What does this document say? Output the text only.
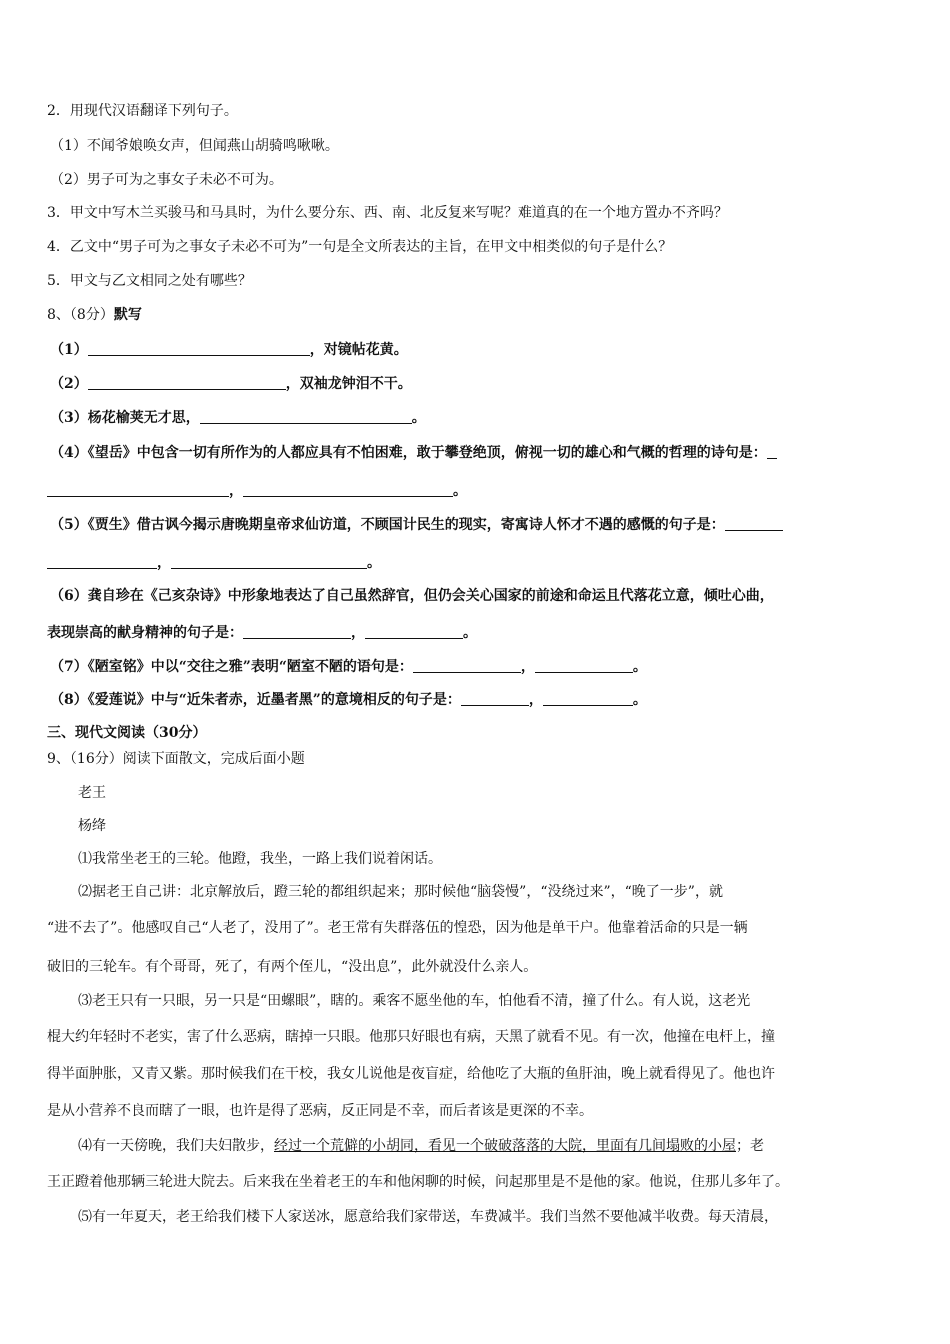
2．用现代汉语翻译下列句子。
（1）不闻爷娘唤女声，但闻燕山胡骑鸣啾啾。
（2）男子可为之事女子未必不可为。
3．甲文中写木兰买骏马和马具时，为什么要分东、西、南、北反复来写呢？难道真的在一个地方置办不齐吗？
4．乙文中“男子可为之事女子未必不可为”一句是全文所表达的主旨，在甲文中相类似的句子是什么？
5．甲文与乙文相同之处有哪些？
8、（8分）默写
（1）	，对镜帖花黄。
（2）	，双袖龙钟泪不干。
（3）杨花榆荚无才思，	。
（4）《望岳》中包含一切有所作为的人都应具有不怕困难，敢于攀登绝顶，俯视一切的雄心和气概的哲理的诗句是：
，	。
（5）《贾生》借古讽今揭示唐晚期皇帝求仙访道，不顾国计民生的现实，寄寓诗人怀才不遇的感慨的句子是：
，	。
（6）龚自珍在《己亥杂诗》中形象地表达了自己虽然辞官，但仍会关心国家的前途和命运且代落花立意，倾吐心曲，
表现崇高的献身精神的句子是：	，	。
（7）《陋室铭》中以“交往之雅”表明“陋室不陋的语句是：	，	。
（8）《爱莲说》中与“近朱者赤，近墨者黑”的意境相反的句子是：	，	。
三、现代文阅读（30分）
9、（16分）阅读下面散文，完成后面小题
老王
杨绛
⑴我常坐老王的三轮。他蹬，我坐，一路上我们说着闲话。
⑵据老王自己讲：北京解放后，蹬三轮的都组织起来；那时候他“脑袋慢”，“没绕过来”，“晚了一步”，就
“进不去了”。他感叹自己“人老了，没用了”。老王常有失群落伍的惶恐，因为他是单干户。他靠着活命的只是一辆
破旧的三轮车。有个哥哥，死了，有两个侄儿，“没出息”，此外就没什么亲人。
⑶老王只有一只眼，另一只是“田螺眼”，瞎的。乘客不愿坐他的车，怕他看不清，撞了什么。有人说，这老光
棍大约年轻时不老实，害了什么恶病，瞎掉一只眼。他那只好眼也有病，天黑了就看不见。有一次，他撞在电杆上，撞
得半面肿胀，又青又紫。那时候我们在干校，我女儿说他是夜盲症，给他吃了大瓶的鱼肝油，晚上就看得见了。他也许
是从小营养不良而瞎了一眼，也许是得了恶病，反正同是不幸，而后者该是更深的不幸。
⑷有一天傍晚，我们夫妇散步，经过一个荒僻的小胡同，看见一个破破落落的大院，里面有几间塌败的小屋；老
王正蹬着他那辆三轮进大院去。后来我在坐着老王的车和他闲聊的时候，问起那里是不是他的家。他说，住那儿多年了。
⑸有一年夏天，老王给我们楼下人家送冰，愿意给我们家带送，车费减半。我们当然不要他减半收费。每天清晨，
